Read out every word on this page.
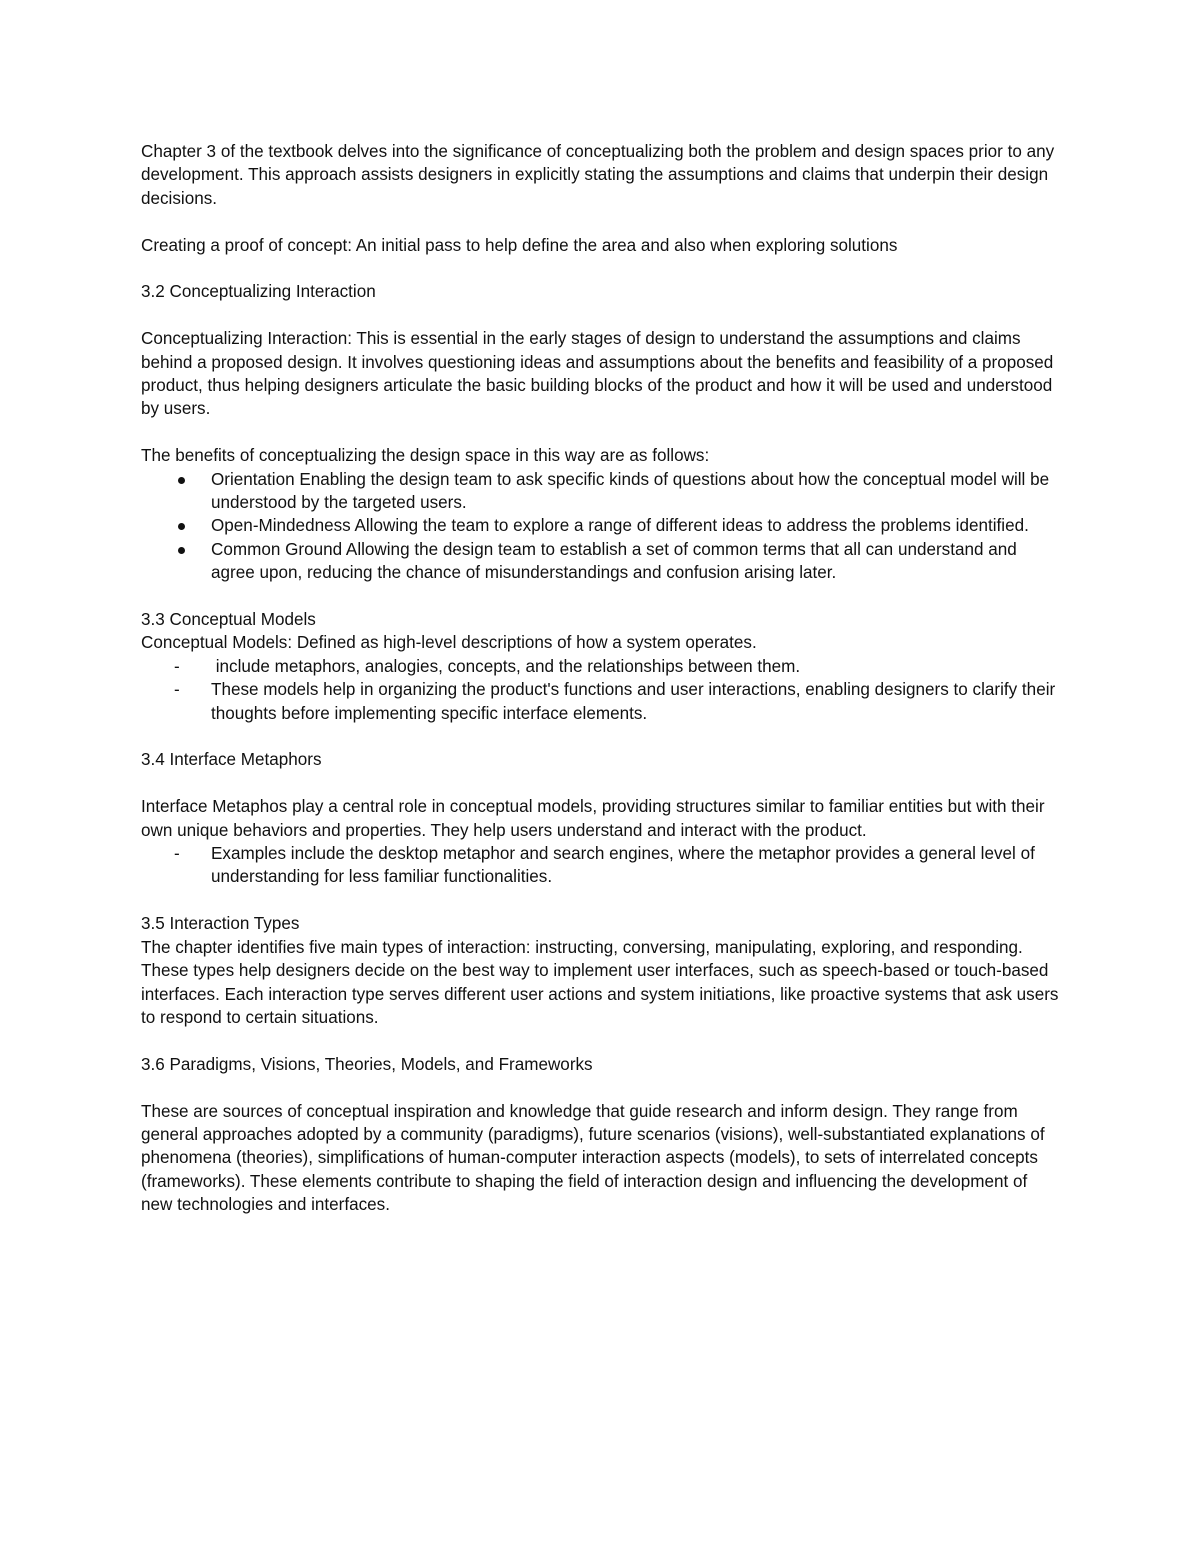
Chapter 3 of the textbook delves into the significance of conceptualizing both the problem and design spaces prior to any development. This approach assists designers in explicitly stating the assumptions and claims that underpin their design decisions.

Creating a proof of concept: An initial pass to help define the area and also when exploring solutions

3.2 Conceptualizing Interaction

Conceptualizing Interaction: This is essential in the early stages of design to understand the assumptions and claims behind a proposed design. It involves questioning ideas and assumptions about the benefits and feasibility of a proposed product, thus helping designers articulate the basic building blocks of the product and how it will be used and understood by users.

The benefits of conceptualizing the design space in this way are as follows:

Orientation Enabling the design team to ask specific kinds of questions about how the conceptual model will be understood by the targeted users.
Open-Mindedness Allowing the team to explore a range of different ideas to address the problems identified.
Common Ground Allowing the design team to establish a set of common terms that all can understand and agree upon, reducing the chance of misunderstandings and confusion arising later.

3.3 Conceptual Models

Conceptual Models: Defined as high-level descriptions of how a system operates.

- include metaphors, analogies, concepts, and the relationships between them.
- These models help in organizing the product's functions and user interactions, enabling designers to clarify their thoughts before implementing specific interface elements.

3.4 Interface Metaphors

Interface Metaphos play a central role in conceptual models, providing structures similar to familiar entities but with their own unique behaviors and properties. They help users understand and interact with the product.

- Examples include the desktop metaphor and search engines, where the metaphor provides a general level of understanding for less familiar functionalities.

3.5 Interaction Types

The chapter identifies five main types of interaction: instructing, conversing, manipulating, exploring, and responding. These types help designers decide on the best way to implement user interfaces, such as speech-based or touch-based interfaces. Each interaction type serves different user actions and system initiations, like proactive systems that ask users to respond to certain situations.

3.6 Paradigms, Visions, Theories, Models, and Frameworks

These are sources of conceptual inspiration and knowledge that guide research and inform design. They range from general approaches adopted by a community (paradigms), future scenarios (visions), well-substantiated explanations of phenomena (theories), simplifications of human-computer interaction aspects (models), to sets of interrelated concepts (frameworks). These elements contribute to shaping the field of interaction design and influencing the development of new technologies and interfaces.
